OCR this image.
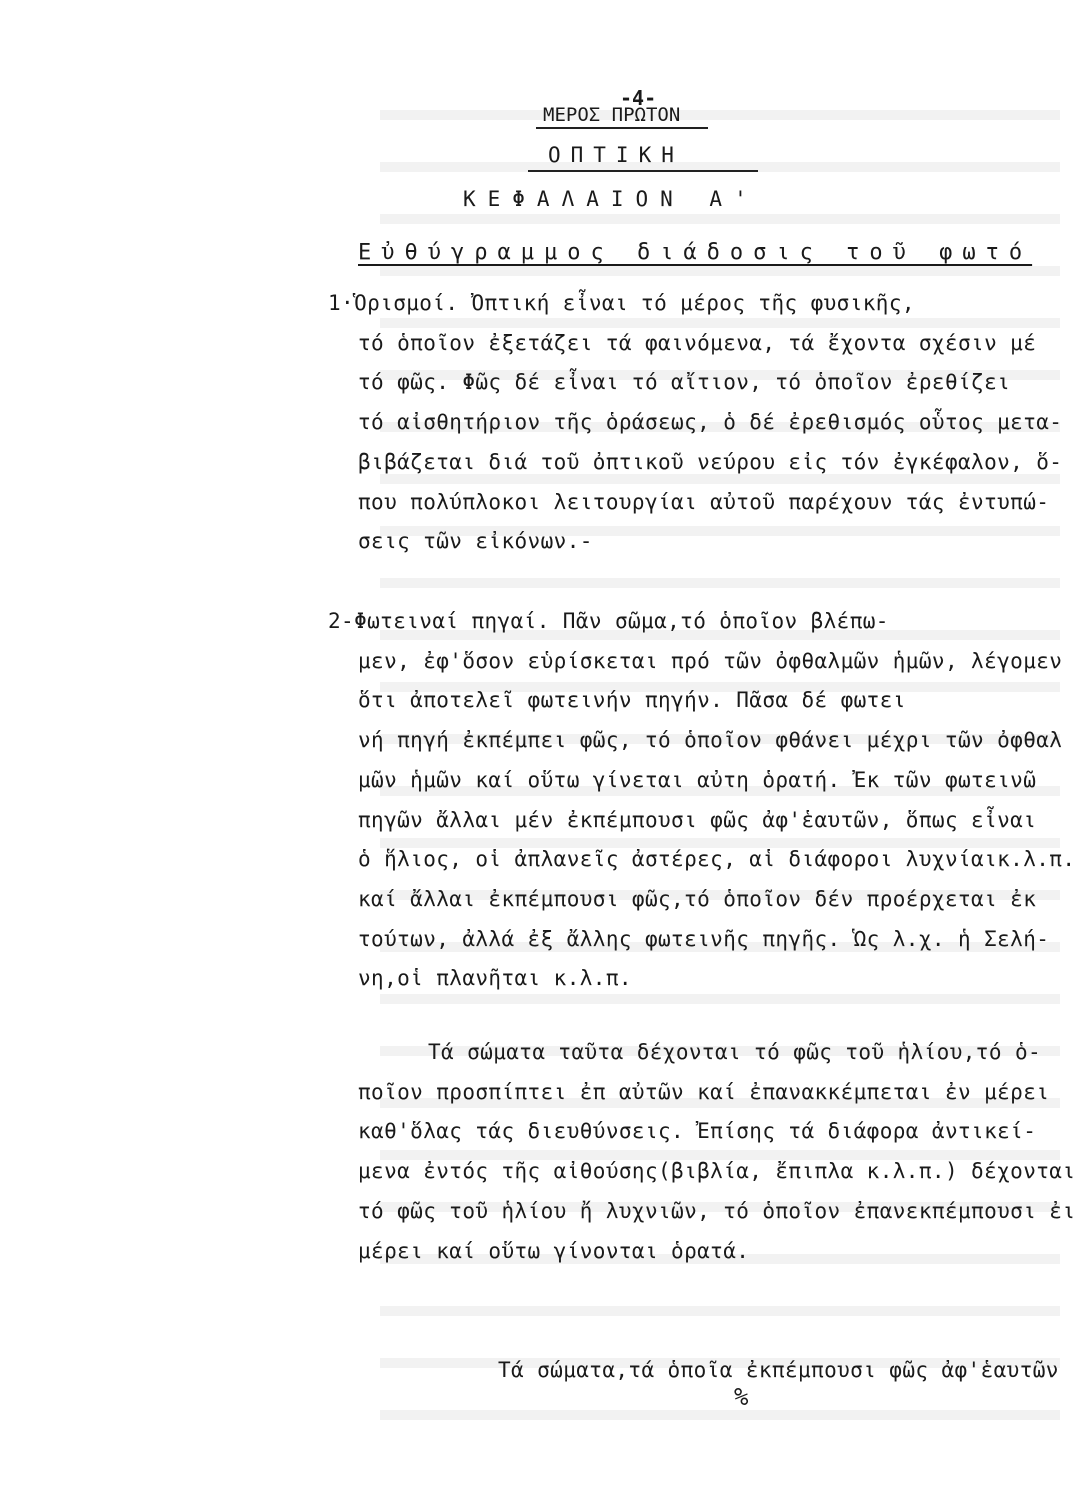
-4-
ΜΕΡΟΣ ΠΡΩΤΟΝ
ΟΠΤΙΚΗ
ΚΕΦΑΛΑΙΟΝ Α'
Εὐθύγραμμος διάδοσις τοῦ φωτό
1·Ὁρισμοί. Ὀπτική εἶναι τό μέρος τῆς φυσικῆς,
τό ὁποῖον ἐξετάζει τά φαινόμενα, τά ἔχοντα σχέσιν μέ
τό φῶς. Φῶς δέ εἶναι τό αἴτιον, τό ὁποῖον ἐρεθίζει
τό αἰσθητήριον τῆς ὁράσεως, ὁ δέ ἐρεθισμός οὗτος μετα-
βιβάζεται διά τοῦ ὀπτικοῦ νεύρου εἰς τόν ἐγκέφαλον, ὅ-
που πολύπλοκοι λειτουργίαι αὐτοῦ παρέχουν τάς ἐντυπώ-
σεις τῶν εἰκόνων.-
2-Φωτειναί πηγαί. Πᾶν σῶμα,τό ὁποῖον βλέπω-
μεν, ἐφ'ὅσον εὑρίσκεται πρό τῶν ὀφθαλμῶν ἡμῶν, λέγομεν
ὅτι ἀποτελεῖ φωτεινήν πηγήν. Πᾶσα δέ φωτει
νή πηγή ἐκπέμπει φῶς, τό ὁποῖον φθάνει μέχρι τῶν ὀφθαλ
μῶν ἡμῶν καί οὕτω γίνεται αὐτη ὁρατή. Ἐκ τῶν φωτεινῶ
πηγῶν ἄλλαι μέν ἐκπέμπουσι φῶς ἀφ'ἑαυτῶν, ὅπως εἶναι
ὁ ἥλιος, οἱ ἀπλανεῖς ἀστέρες, αἱ διάφοροι λυχνίαικ.λ.π.
καί ἄλλαι ἐκπέμπουσι φῶς,τό ὁποῖον δέν προέρχεται ἐκ
τούτων, ἀλλά ἐξ ἄλλης φωτεινῆς πηγῆς. Ὡς λ.χ. ἡ Σελή-
νη,οἱ πλανῆται κ.λ.π.
Τά σώματα ταῦτα δέχονται τό φῶς τοῦ ἡλίου,τό ὁ-
ποῖον προσπίπτει ἐπ αὐτῶν καί ἐπανακκέμπεται ἐν μέρει
καθ'ὅλας τάς διευθύνσεις. Ἐπίσης τά διάφορα ἀντικεί-
μενα ἐντός τῆς αἰθούσης(βιβλία, ἔπιπλα κ.λ.π.) δέχονται
τό φῶς τοῦ ἡλίου ἤ λυχνιῶν, τό ὁποῖον ἐπανεκπέμπουσι ἐι
μέρει καί οὕτω γίνονται ὁρατά.
Τά σώματα,τά ὁποῖα ἐκπέμπουσι φῶς ἀφ'ἑαυτῶν
%
